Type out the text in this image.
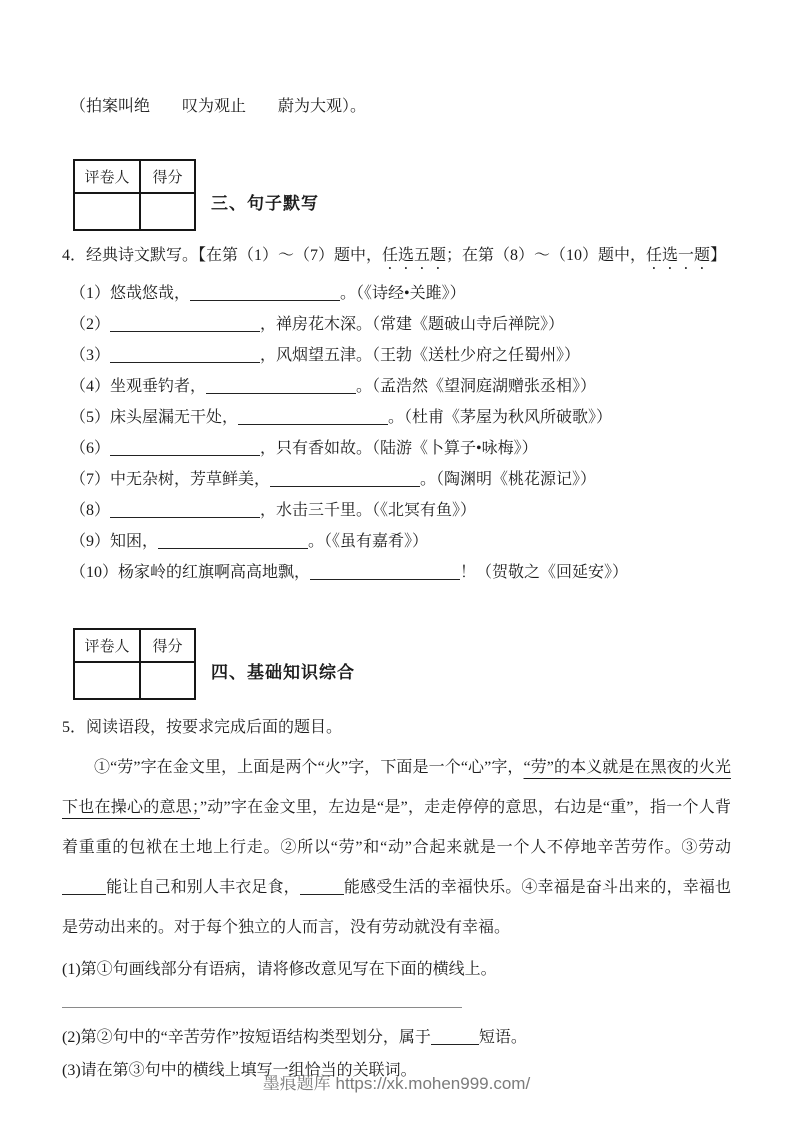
（拍案叫绝　　叹为观止　　蔚为大观）。

评卷人	得分

三、句子默写

4．经典诗文默写。【在第（1）～（7）题中，任选五题；在第（8）～（10）题中，任选一题】

（1）悠哉悠哉，	。（《诗经•关雎》）

（2）	，禅房花木深。（常建《题破山寺后禅院》）

（3）	，风烟望五津。（王勃《送杜少府之任蜀州》）

（4）坐观垂钓者，	。（孟浩然《望洞庭湖赠张丞相》）

（5）床头屋漏无干处，	。（杜甫《茅屋为秋风所破歌》）

（6）	，只有香如故。（陆游《卜算子•咏梅》）

（7）中无杂树，芳草鲜美，	。（陶渊明《桃花源记》）

（8）	，水击三千里。（《北冥有鱼》）

（9）知困，	。（《虽有嘉肴》）

（10）杨家岭的红旗啊高高地飘，	！（贺敬之《回延安》）

评卷人	得分

四、基础知识综合

5．阅读语段，按要求完成后面的题目。

①“劳”字在金文里，上面是两个“火”字，下面是一个“心”字，“劳”的本义就是在黑夜的火光下也在操心的意思；”动”字在金文里，左边是“是”，走走停停的意思，右边是“重”，指一个人背着重重的包袱在土地上行走。②所以“劳”和“动”合起来就是一个人不停地辛苦劳作。③劳动能让自己和别人丰衣足食，	能感受生活的幸福快乐。④幸福是奋斗出来的，幸福也是劳动出来的。对于每个独立的人而言，没有劳动就没有幸福。

(1)第①句画线部分有语病，请将修改意见写在下面的横线上。

(2)第②句中的“辛苦劳作”按短语结构类型划分，属于	短语。

(3)请在第③句中的横线上填写一组恰当的关联词。

墨痕题库 https://xk.mohen999.com/
